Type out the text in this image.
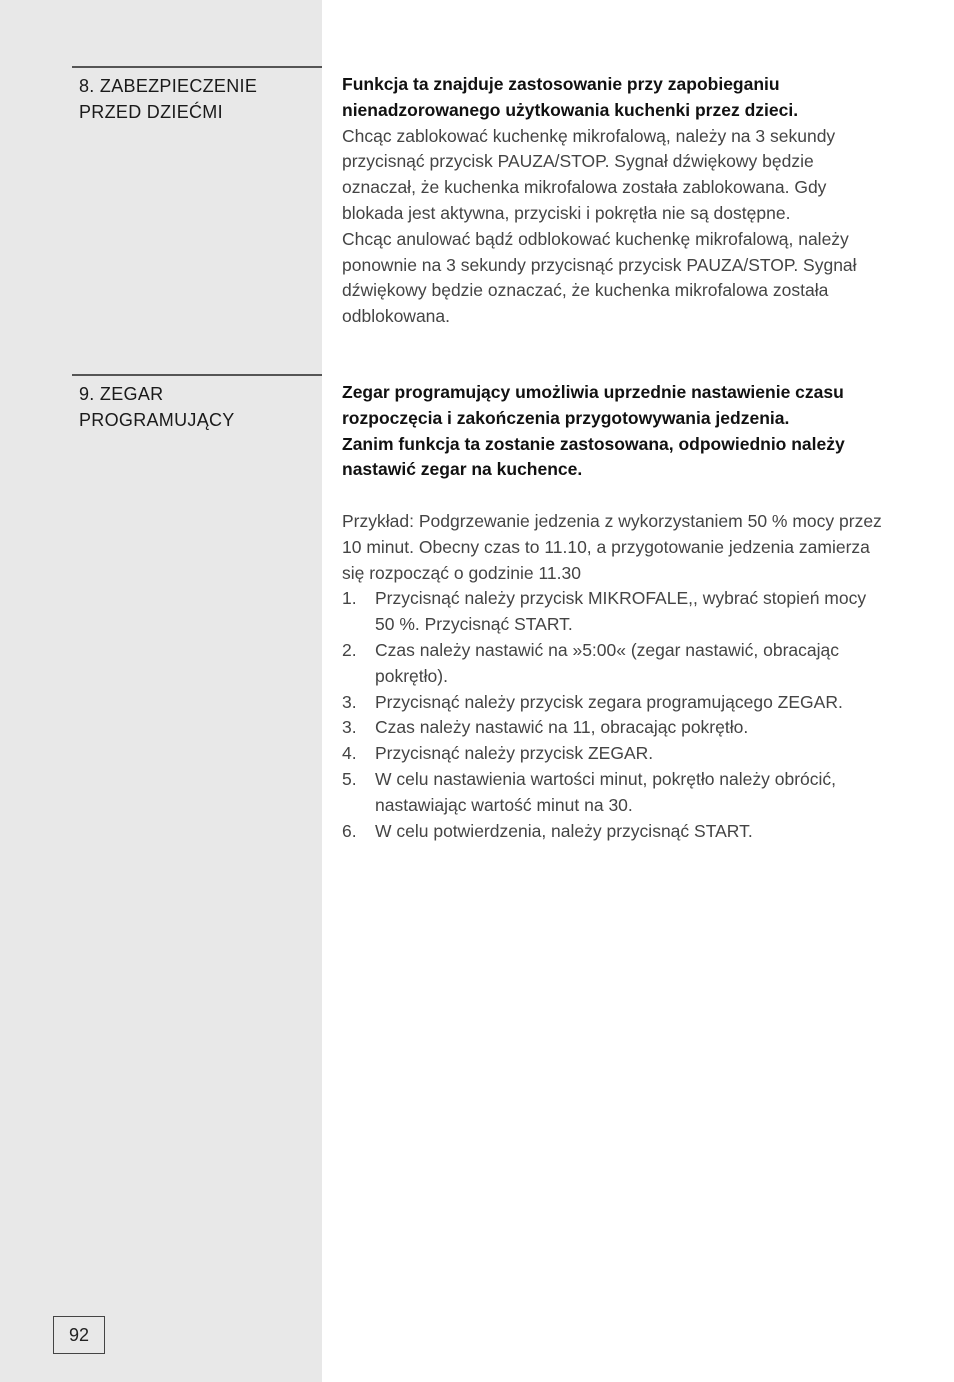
8. ZABEZPIECZENIE
PRZED DZIEĆMI

Funkcja ta znajduje zastosowanie przy zapobieganiu nienadzorowanego użytkowania kuchenki przez dzieci.

Chcąc zablokować kuchenkę mikrofalową, należy na 3 sekundy przycisnąć przycisk PAUZA/STOP. Sygnał dźwiękowy będzie oznaczał, że kuchenka mikrofalowa została zablokowana. Gdy blokada jest aktywna, przyciski i pokrętła nie są dostępne.

Chcąc anulować bądź odblokować kuchenkę mikrofalową, należy ponownie na 3 sekundy przycisnąć przycisk PAUZA/STOP. Sygnał dźwiękowy będzie oznaczać, że kuchenka mikrofalowa została odblokowana.

9. ZEGAR
PROGRAMUJĄCY

Zegar programujący umożliwia uprzednie nastawienie czasu rozpoczęcia i zakończenia przygotowywania jedzenia.

Zanim funkcja ta zostanie zastosowana, odpowiednio należy nastawić zegar na kuchence.

Przykład: Podgrzewanie jedzenia z wykorzystaniem 50 % mocy przez 10 minut. Obecny czas to 11.10, a przygotowanie jedzenia zamierza się rozpocząć o godzinie 11.30

1.	Przycisnąć należy przycisk MIKROFALE,, wybrać stopień mocy 50 %. Przycisnąć START.
2.	Czas należy nastawić na »5:00« (zegar nastawić, obracając pokrętło).
3.	Przycisnąć należy przycisk zegara programującego ZEGAR.
3.	Czas należy nastawić na 11, obracając pokrętło.
4.	Przycisnąć należy przycisk ZEGAR.
5.	W celu nastawienia wartości minut, pokrętło należy obrócić, nastawiając wartość minut na 30.
6.	W celu potwierdzenia, należy przycisnąć START.
92
